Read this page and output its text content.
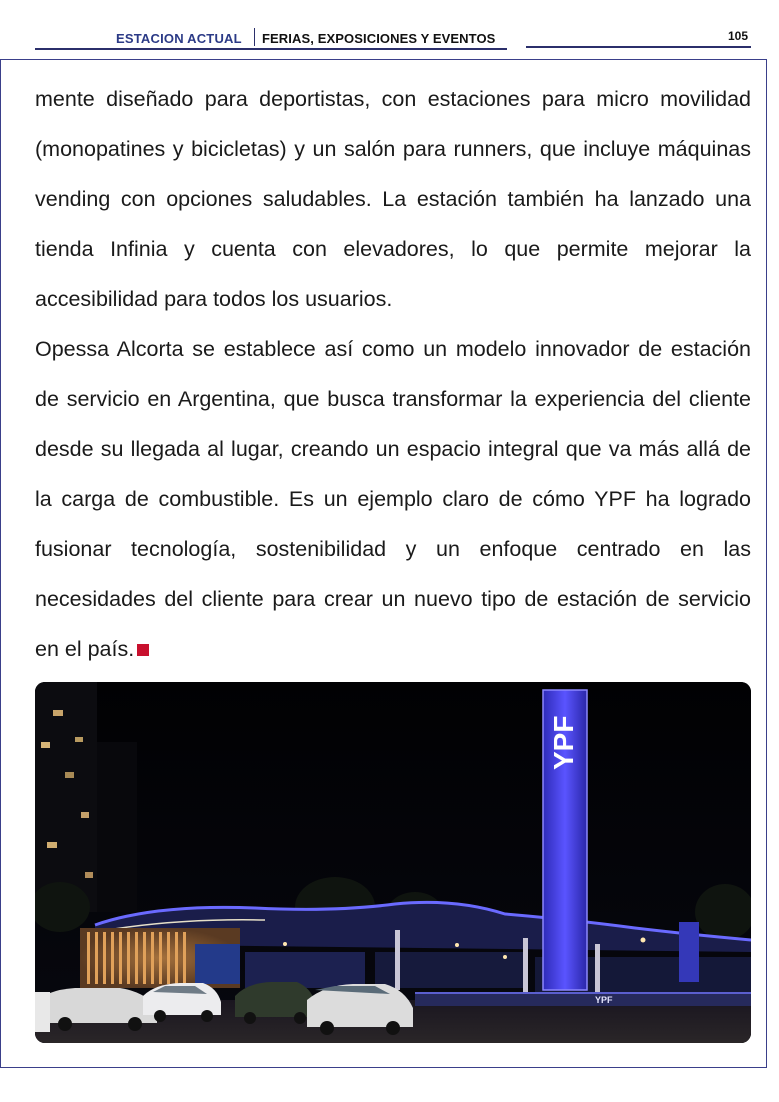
ESTACION ACTUAL FERIAS, EXPOSICIONES Y EVENTOS	105

mente diseñado para deportistas, con estaciones para micro movilidad (monopatines y bicicletas) y un salón para runners, que incluye máquinas vending con opciones saludables. La estación también ha lanzado una tienda Infinia y cuenta con elevadores, lo que permite mejorar la accesibilidad para todos los usuarios.

Opessa Alcorta se establece así como un modelo innovador de estación de servicio en Argentina, que busca transformar la experiencia del cliente desde su llegada al lugar, creando un espacio integral que va más allá de la carga de combustible. Es un ejemplo claro de cómo YPF ha logrado fusionar tecnología, sostenibilidad y un enfoque centrado en las necesidades del cliente para crear un nuevo tipo de estación de servicio en el país.

YPF
YPF
